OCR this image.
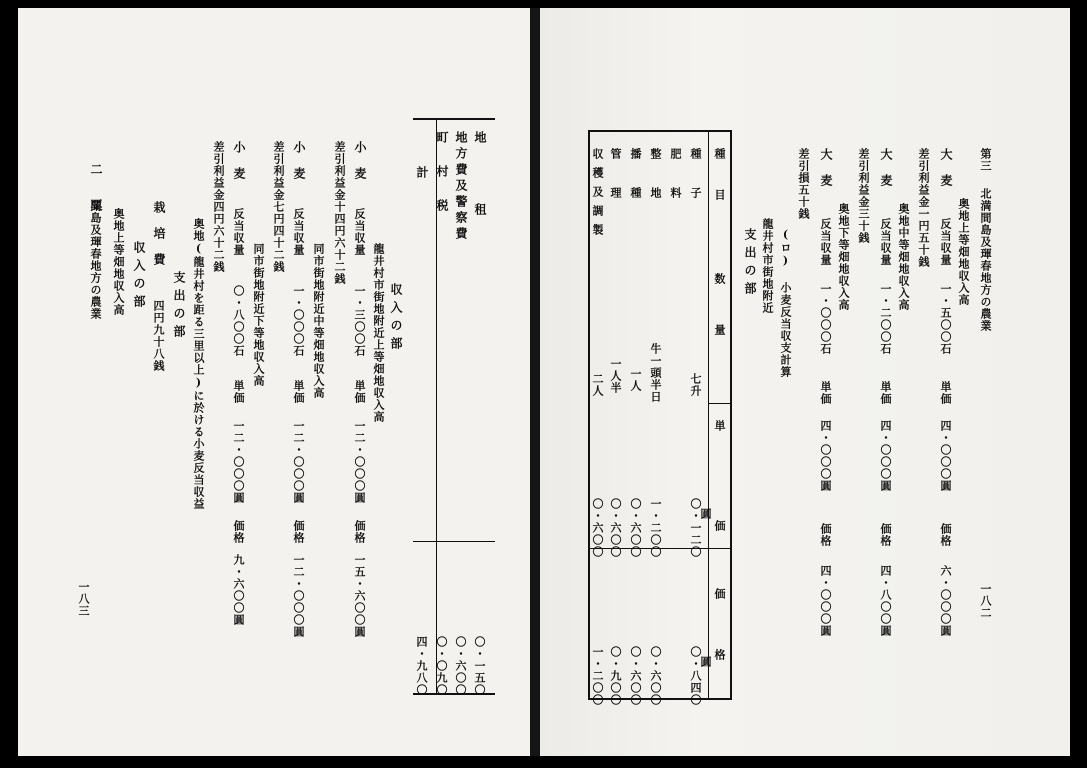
地租
地方費及警察費
町村税
計
〇・一五〇
〇・六〇〇
〇・〇九〇
四・九八〇
収入の部
龍井村市街地附近上等畑地収入高
小麦
反当収量
一・三〇〇石
単価
一二・〇〇〇圓
価格
一五・六〇〇圓
差引利益金十四円六十二銭
同市街地附近中等畑地収入高
小麦
反当収量
一・〇〇〇石
単価
一二・〇〇〇圓
価格
一二・〇〇〇圓
差引利益金七円四十二銭
同市街地附近下等地収入高
小麦
反当収量
〇・八〇〇石
単価
一二・〇〇〇圓
価格
九・六〇〇圓
差引利益金四円六十二銭
奥地(龍井村を距る三里以上)に於ける小麦反当収益
支出の部
栽培費
四円九十八銭
収入の部
奥地上等畑地収入高
二 粟
間島及琿春地方の農業
一八三
第三
北満間島及琿春地方の農業
一八二
大麦
奥地上等畑地収入高
反当収量
一・五〇〇石
単価
四・〇〇〇圓
価格
六・〇〇〇圓
差引利益金一円五十銭
大麦
奥地中等畑地収入高
反当収量
一・二〇〇石
単価
四・〇〇〇圓
価格
四・八〇〇圓
差引利益金三十銭
大麦
奥地下等畑地収入高
反当収量
一・〇〇〇石
単価
四・〇〇〇圓
価格
四・〇〇〇圓
差引損五十銭
(ロ) 小麦反当収支計算
龍井村市街地附近
支出の部
種目
数量
単
価
価格
種子
七升
圓
〇・一二〇
圓
〇・八四〇
肥料
整地
牛一頭半日
一・二〇〇
〇・六〇〇
播種
一人
〇・六〇〇
〇・六〇〇
管理
一人半
〇・六〇〇
〇・九〇〇
収穫及調製
二人
〇・六〇〇
一・二〇〇
